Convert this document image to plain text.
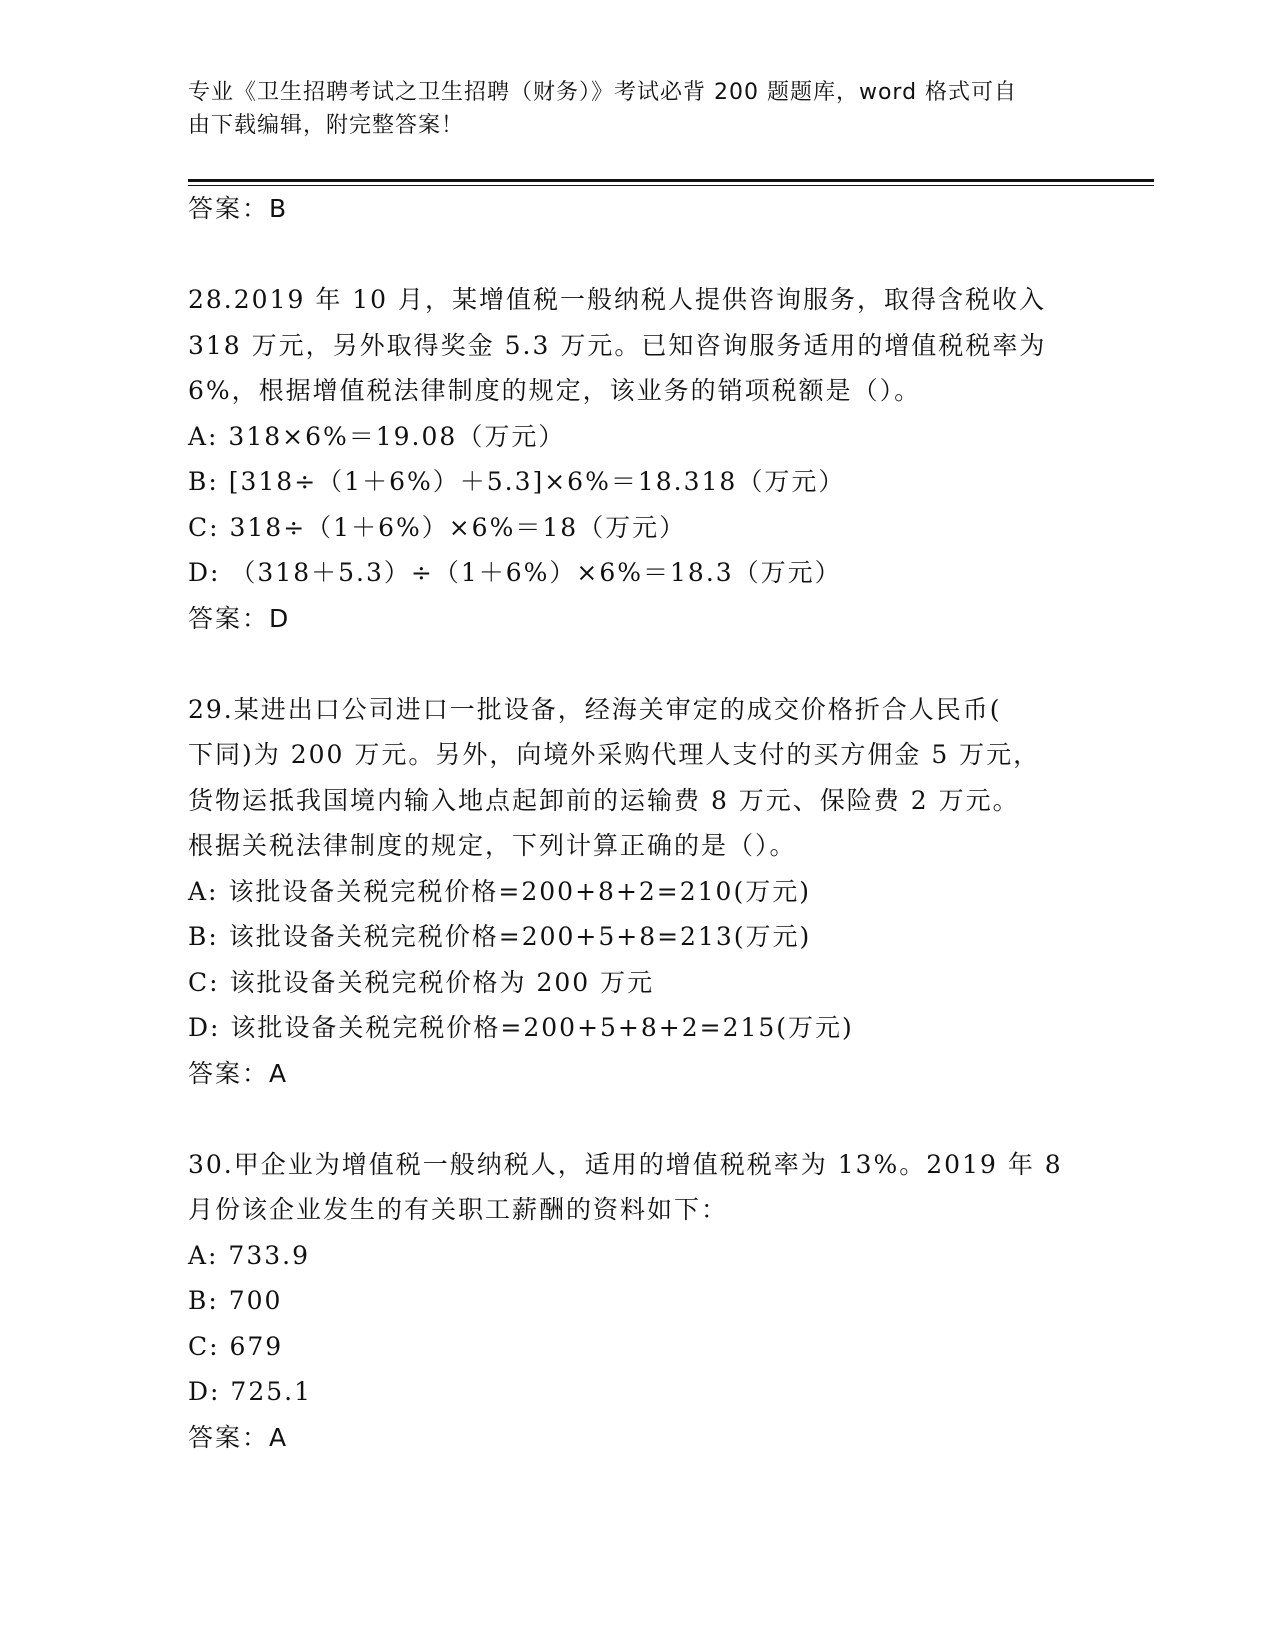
专业《卫生招聘考试之卫生招聘（财务）》考试必背 200 题题库，word 格式可自
由下载编辑，附完整答案！
答案：B
28.2019 年 10 月，某增值税一般纳税人提供咨询服务，取得含税收入
318 万元，另外取得奖金 5.3 万元。已知咨询服务适用的增值税税率为
6%，根据增值税法律制度的规定，该业务的销项税额是（）。
A: 318×6%＝19.08（万元）
B: [318÷（1＋6%）＋5.3]×6%＝18.318（万元）
C: 318÷（1＋6%）×6%＝18（万元）
D: （318＋5.3）÷（1＋6%）×6%＝18.3（万元）
答案：D
29.某进出口公司进口一批设备，经海关审定的成交价格折合人民币(
下同)为 200 万元。另外，向境外采购代理人支付的买方佣金 5 万元，
货物运抵我国境内输入地点起卸前的运输费 8 万元、保险费 2 万元。
根据关税法律制度的规定，下列计算正确的是（）。
A: 该批设备关税完税价格=200+8+2=210(万元)
B: 该批设备关税完税价格=200+5+8=213(万元)
C: 该批设备关税完税价格为 200 万元
D: 该批设备关税完税价格=200+5+8+2=215(万元)
答案：A
30.甲企业为增值税一般纳税人，适用的增值税税率为 13%。2019 年 8
月份该企业发生的有关职工薪酬的资料如下：
A: 733.9
B: 700
C: 679
D: 725.1
答案：A
